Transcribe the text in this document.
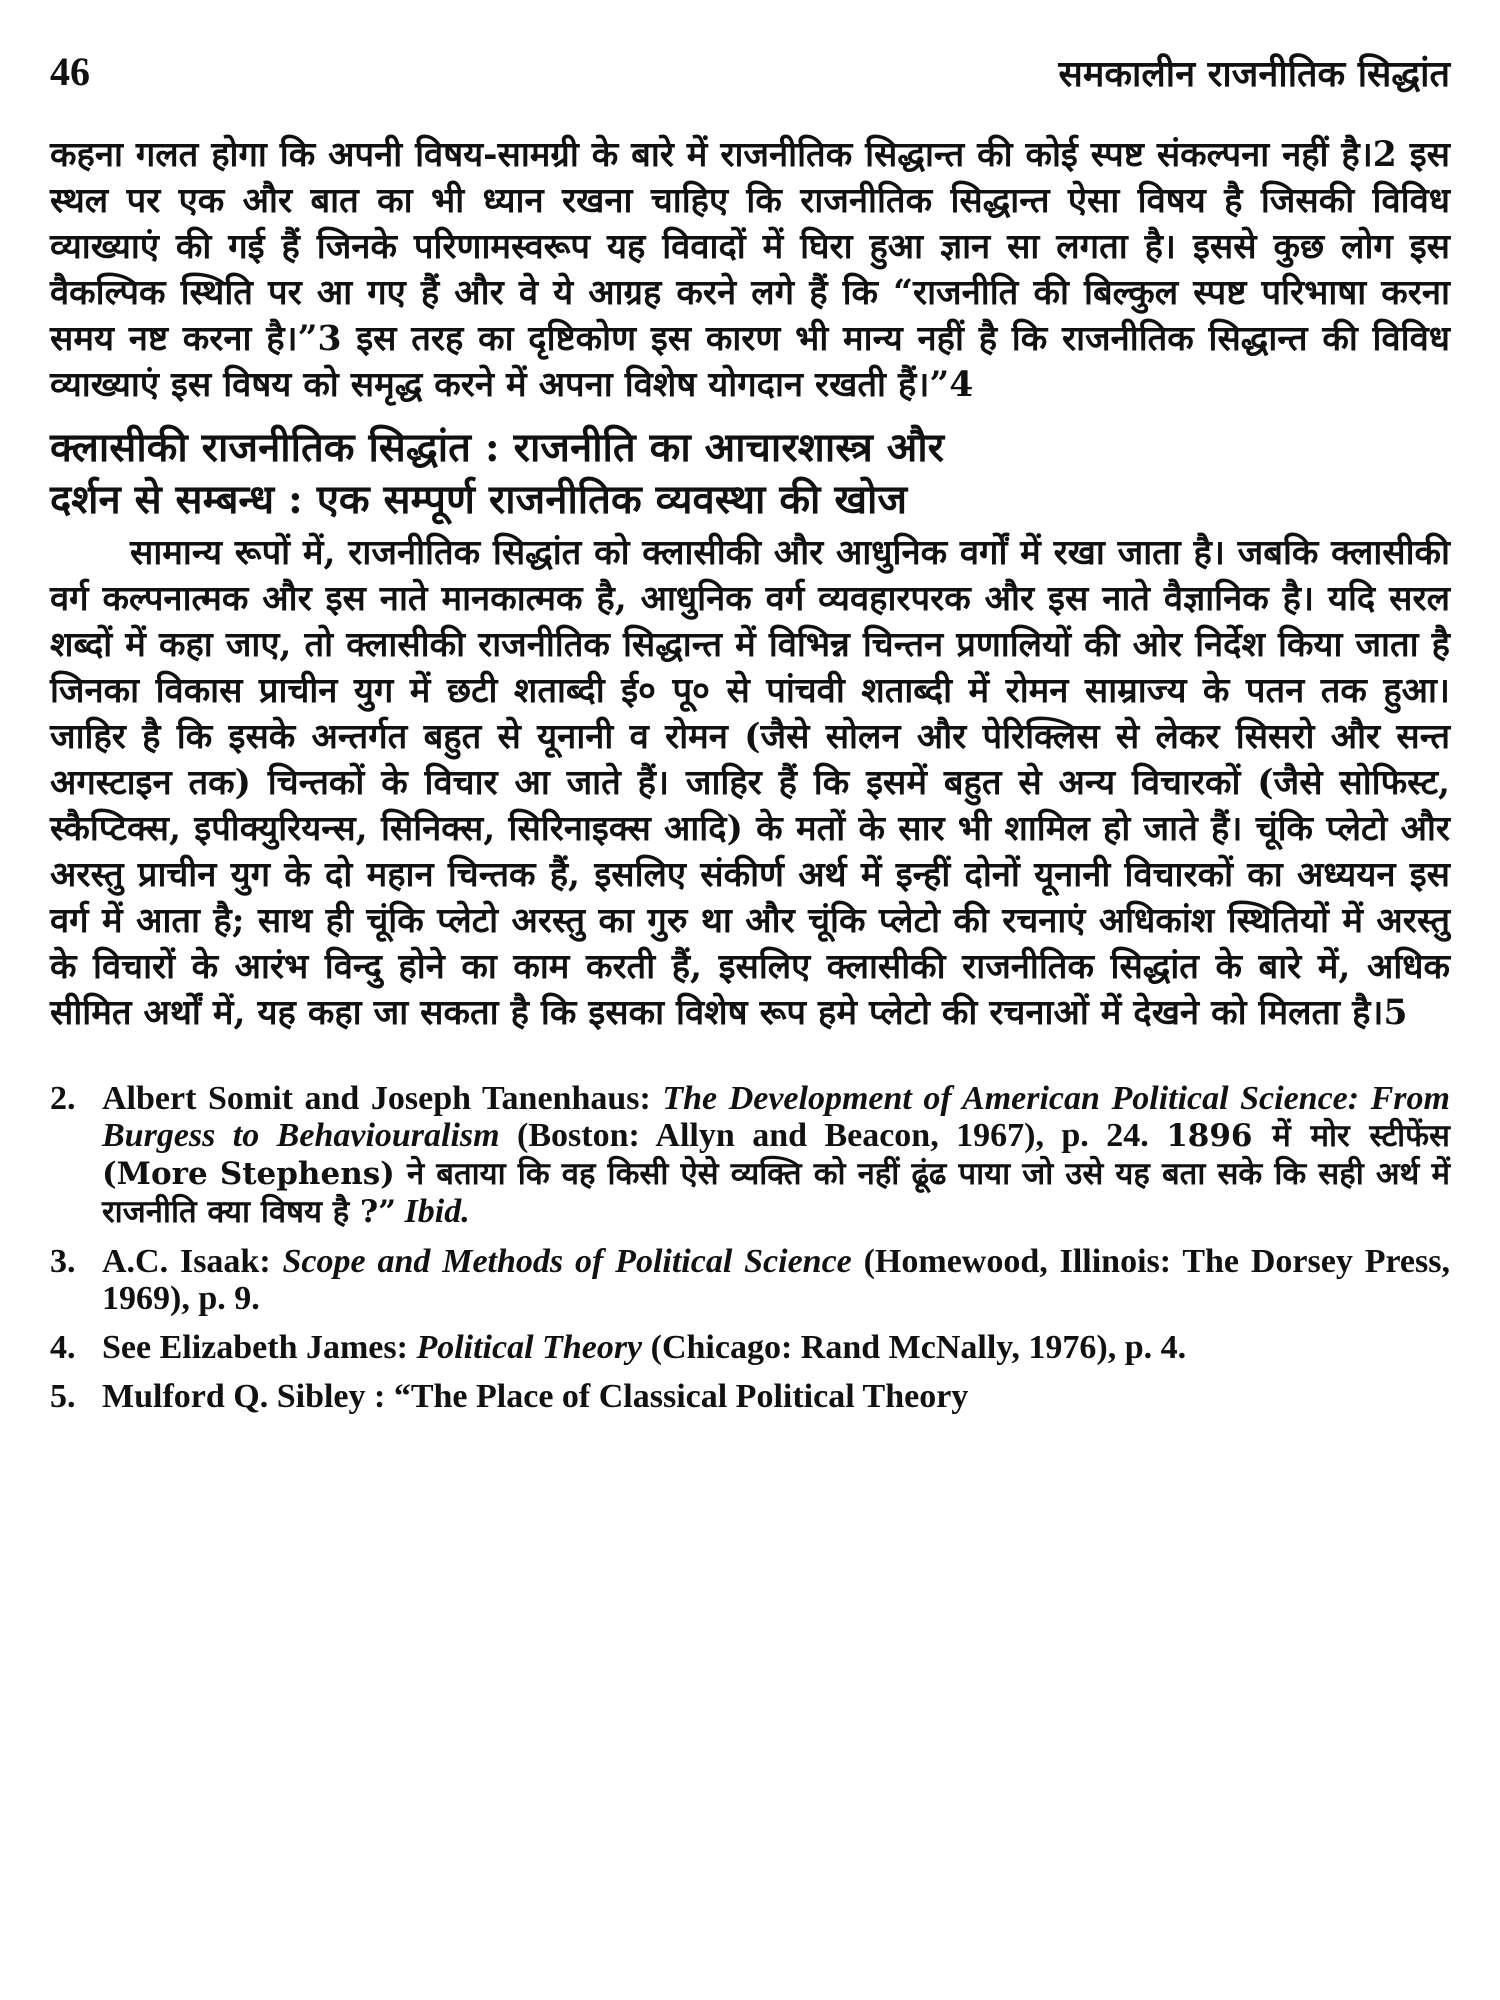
46	समकालीन राजनीतिक सिद्धांत

कहना गलत होगा कि अपनी विषय-सामग्री के बारे में राजनीतिक सिद्धान्त की कोई स्पष्ट संकल्पना नहीं है।2 इस स्थल पर एक और बात का भी ध्यान रखना चाहिए कि राजनीतिक सिद्धान्त ऐसा विषय है जिसकी विविध व्याख्याएं की गई हैं जिनके परिणामस्वरूप यह विवादों में घिरा हुआ ज्ञान सा लगता है। इससे कुछ लोग इस वैकल्पिक स्थिति पर आ गए हैं और वे ये आग्रह करने लगे हैं कि “राजनीति की बिल्कुल स्पष्ट परिभाषा करना समय नष्ट करना है।”3 इस तरह का दृष्टिकोण इस कारण भी मान्य नहीं है कि राजनीतिक सिद्धान्त की विविध व्याख्याएं इस विषय को समृद्ध करने में अपना विशेष योगदान रखती हैं।”4

क्लासीकी राजनीतिक सिद्धांत : राजनीति का आचारशास्त्र और
दर्शन से सम्बन्ध : एक सम्पूर्ण राजनीतिक व्यवस्था की खोज

सामान्य रूपों में, राजनीतिक सिद्धांत को क्लासीकी और आधुनिक वर्गों में रखा जाता है। जबकि क्लासीकी वर्ग कल्पनात्मक और इस नाते मानकात्मक है, आधुनिक वर्ग व्यवहारपरक और इस नाते वैज्ञानिक है। यदि सरल शब्दों में कहा जाए, तो क्लासीकी राजनीतिक सिद्धान्त में विभिन्न चिन्तन प्रणालियों की ओर निर्देश किया जाता है जिनका विकास प्राचीन युग में छटी शताब्दी ई० पू० से पांचवी शताब्दी में रोमन साम्राज्य के पतन तक हुआ। जाहिर है कि इसके अन्तर्गत बहुत से यूनानी व रोमन (जैसे सोलन और पेरिक्लिस से लेकर सिसरो और सन्त अगस्टाइन तक) चिन्तकों के विचार आ जाते हैं। जाहिर हैं कि इसमें बहुत से अन्य विचारकों (जैसे सोफिस्ट, स्कैप्टिक्स, इपीक्युरियन्स, सिनिक्स, सिरिनाइक्स आदि) के मतों के सार भी शामिल हो जाते हैं। चूंकि प्लेटो और अरस्तु प्राचीन युग के दो महान चिन्तक हैं, इसलिए संकीर्ण अर्थ में इन्हीं दोनों यूनानी विचारकों का अध्ययन इस वर्ग में आता है; साथ ही चूंकि प्लेटो अरस्तु का गुरु था और चूंकि प्लेटो की रचनाएं अधिकांश स्थितियों में अरस्तु के विचारों के आरंभ विन्दु होने का काम करती हैं, इसलिए क्लासीकी राजनीतिक सिद्धांत के बारे में, अधिक सीमित अर्थों में, यह कहा जा सकता है कि इसका विशेष रूप हमे प्लेटो की रचनाओं में देखने को मिलता है।5

2. Albert Somit and Joseph Tanenhaus: The Development of American Political Science: From Burgess to Behaviouralism (Boston: Allyn and Beacon, 1967), p. 24. 1896 में मोर स्टीफेंस (More Stephens) ने बताया कि वह किसी ऐसे व्यक्ति को नहीं ढूंढ पाया जो उसे यह बता सके कि सही अर्थ में राजनीति क्या विषय है ?” Ibid.
3. A.C. Isaak: Scope and Methods of Political Science (Homewood, Illinois: The Dorsey Press, 1969), p. 9.
4. See Elizabeth James: Political Theory (Chicago: Rand McNally, 1976), p. 4.
5. Mulford Q. Sibley : “The Place of Classical Political Theory
